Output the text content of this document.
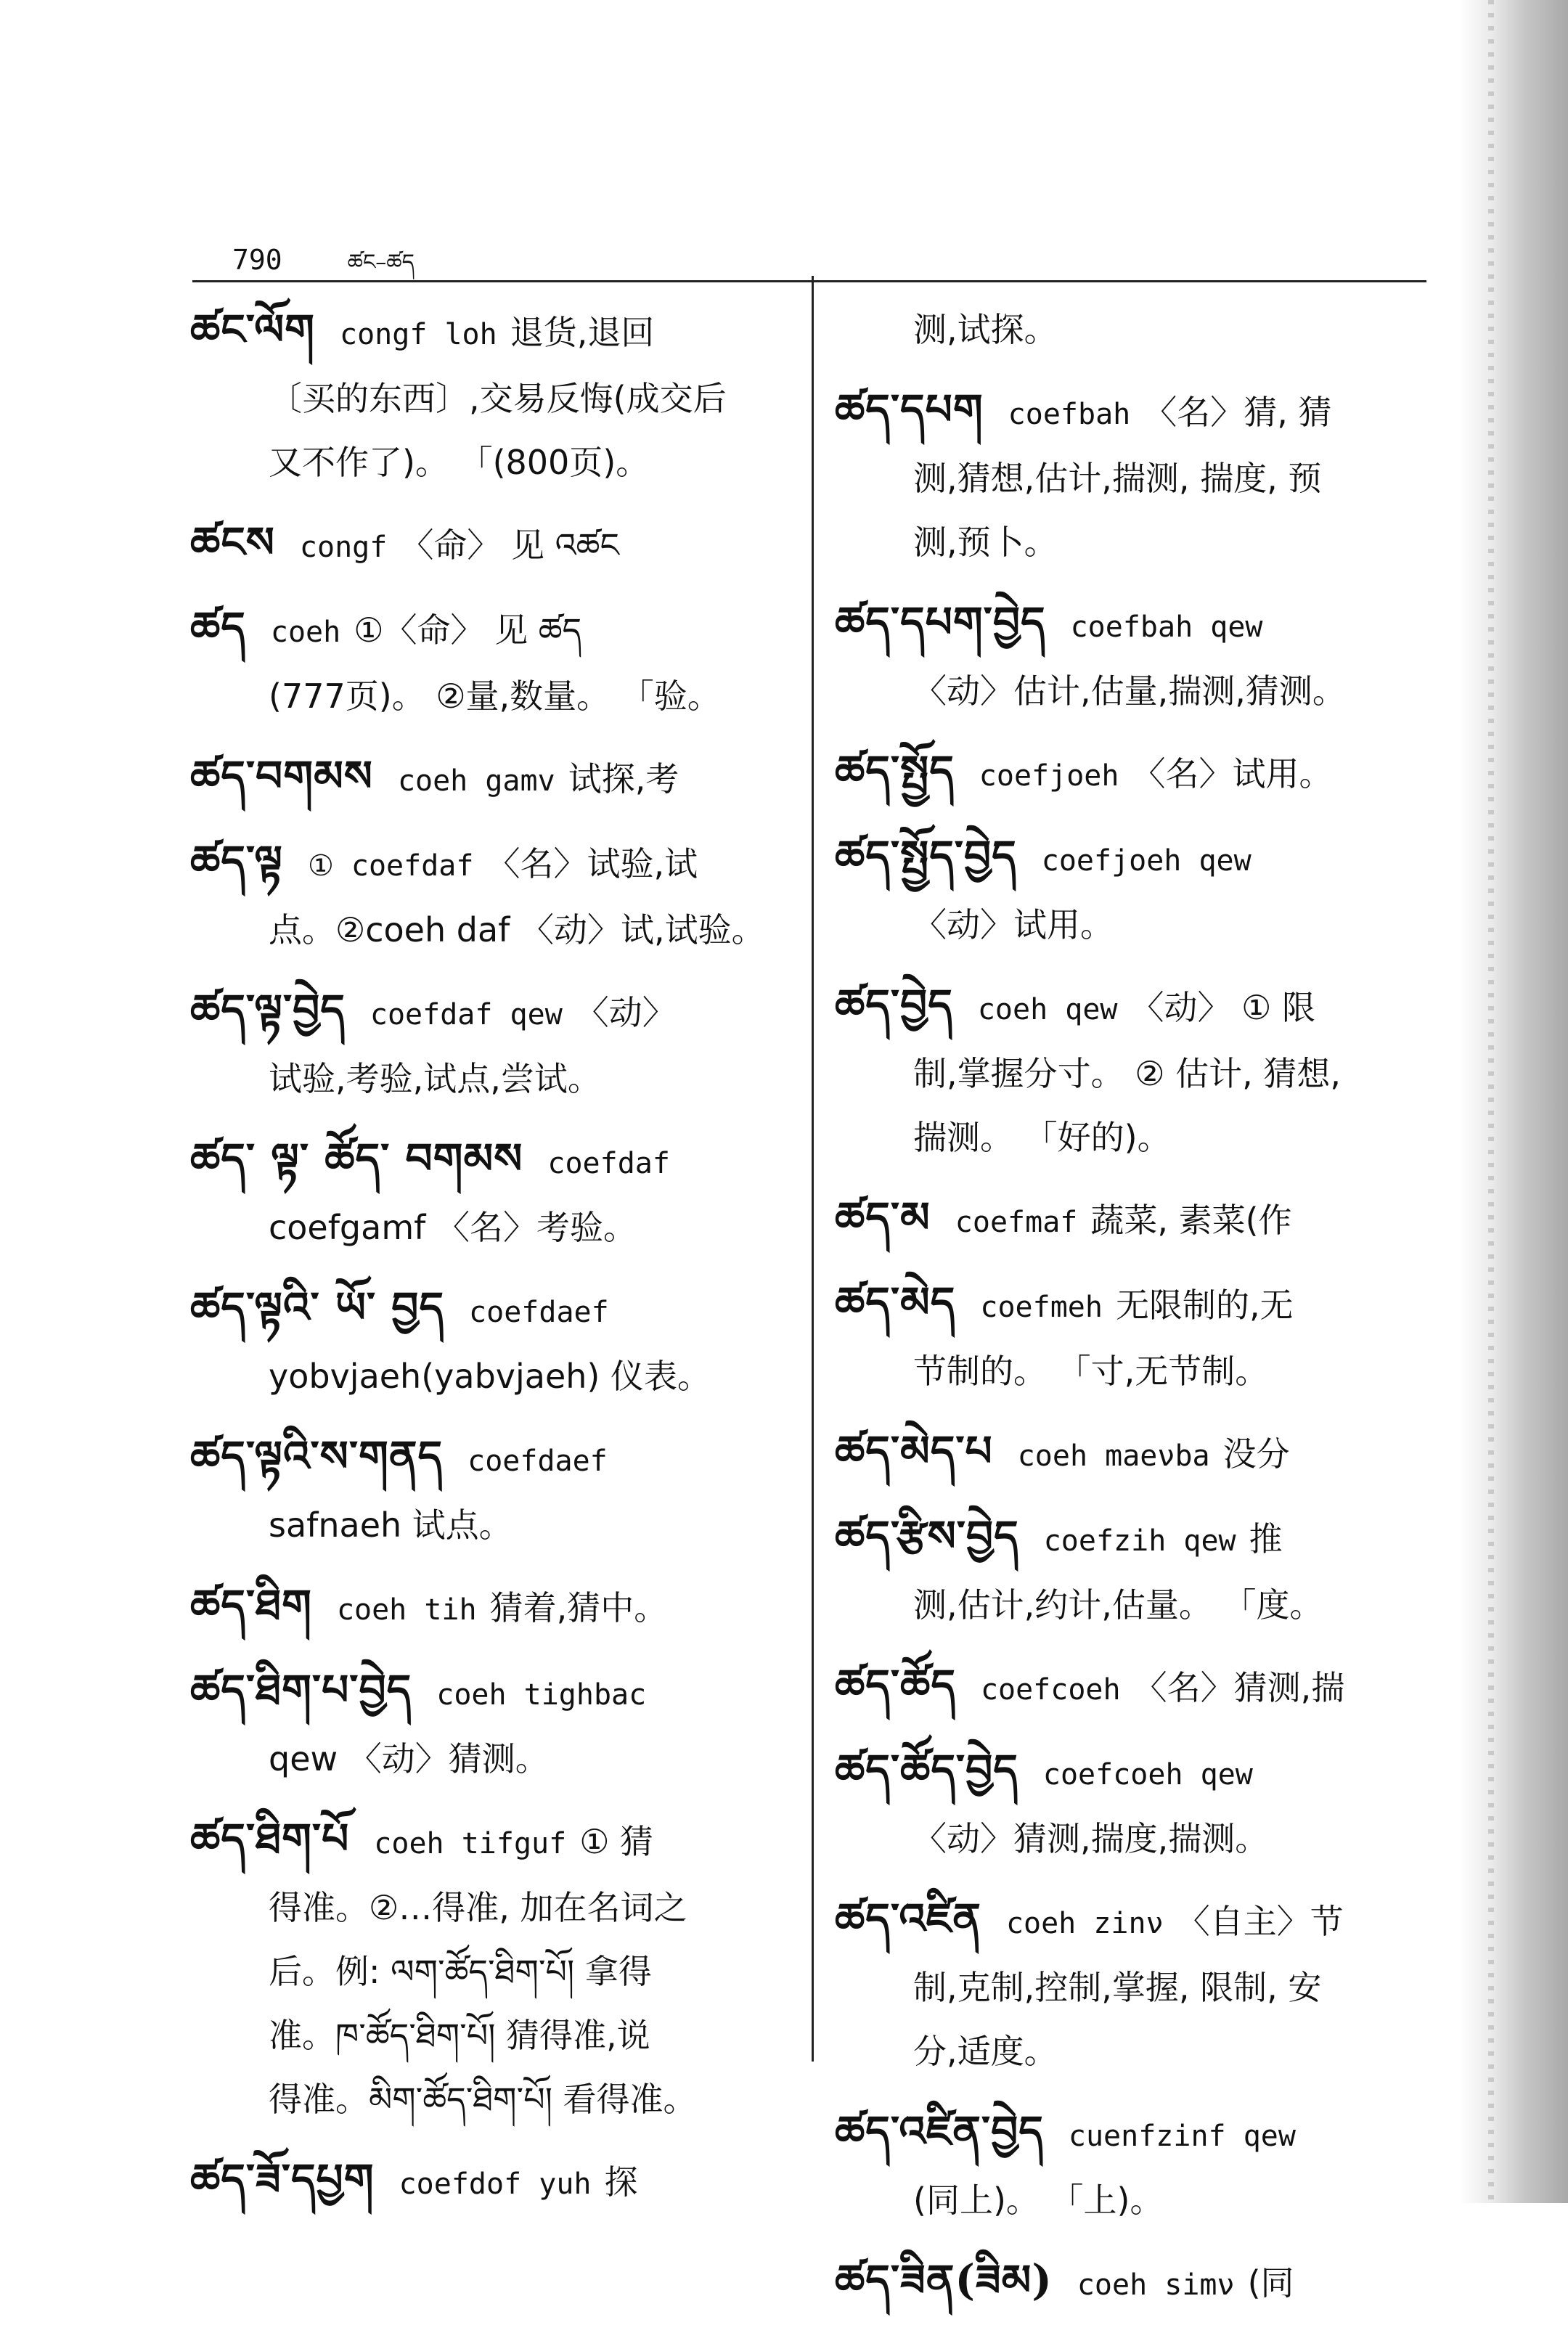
790	ཚང–ཚད
ཚང་ལོག congf loh 退货,退回
〔买的东西〕,交易反悔(成交后
又不作了)。 「(800页)。
ཚངས congf 〈命〉 见 འཚང
ཚད coeh ①〈命〉 见 ཚད
(777页)。 ②量,数量。 「验。
ཚད་བགམས coeh gamv 试探,考
ཚད་ལྟ ① coefdaf 〈名〉试验,试
点。②coeh daf 〈动〉试,试验。
ཚད་ལྟ་བྱེད coefdaf qew 〈动〉
试验,考验,试点,尝试。
ཚད་ ལྟ་ ཚོད་ བགམས coefdaf
coefgamf 〈名〉考验。
ཚད་ལྟའི་ ཡོ་ བྱད coefdaef
yobvjaeh(yabvjaeh) 仪表。
ཚད་ལྟའི་ས་གནད coefdaef
safnaeh 试点。
ཚད་ཐིག coeh tih 猜着,猜中。
ཚད་ཐིག་པ་བྱེད coeh tighbac
qew 〈动〉猜测。
ཚད་ཐིག་པོ coeh tifguf ① 猜
得准。②…得准, 加在名词之
后。例: ལག་ཚོད་ཐིག་པོ། 拿得
准。ཁ་ཚོད་ཐིག་པོ། 猜得准,说
得准。མིག་ཚོད་ཐིག་པོ། 看得准。
ཚད་ཟོ་དཔྱག coefdof yuh 探
测,试探。
ཚད་དཔག coefbah 〈名〉猜, 猜
测,猜想,估计,揣测, 揣度, 预
测,预卜。
ཚད་དཔག་བྱེད coefbah qew
〈动〉估计,估量,揣测,猜测。
ཚད་སྤྱོད coefjoeh 〈名〉试用。
ཚད་སྤྱོད་བྱེད coefjoeh qew
〈动〉试用。
ཚད་བྱེད coeh qew 〈动〉 ① 限
制,掌握分寸。 ② 估计, 猜想,
揣测。 「好的)。
ཚད་མ coefmaf 蔬菜, 素菜(作
ཚད་མེད coefmeh 无限制的,无
节制的。 「寸,无节制。
ཚད་མེད་པ coeh maeνba 没分
ཚད་རྩིས་བྱེད coefzih qew 推
测,估计,约计,估量。 「度。
ཚད་ཚོད coefcoeh 〈名〉猜测,揣
ཚད་ཚོད་བྱེད coefcoeh qew
〈动〉猜测,揣度,揣测。
ཚད་འཛིན coeh zinν 〈自主〉节
制,克制,控制,掌握, 限制, 安
分,适度。
ཚད་འཛིན་བྱེད cuenfzinf qew
(同上)。 「上)。
ཚད་ཟིན(ཟིམ) coeh simν (同
